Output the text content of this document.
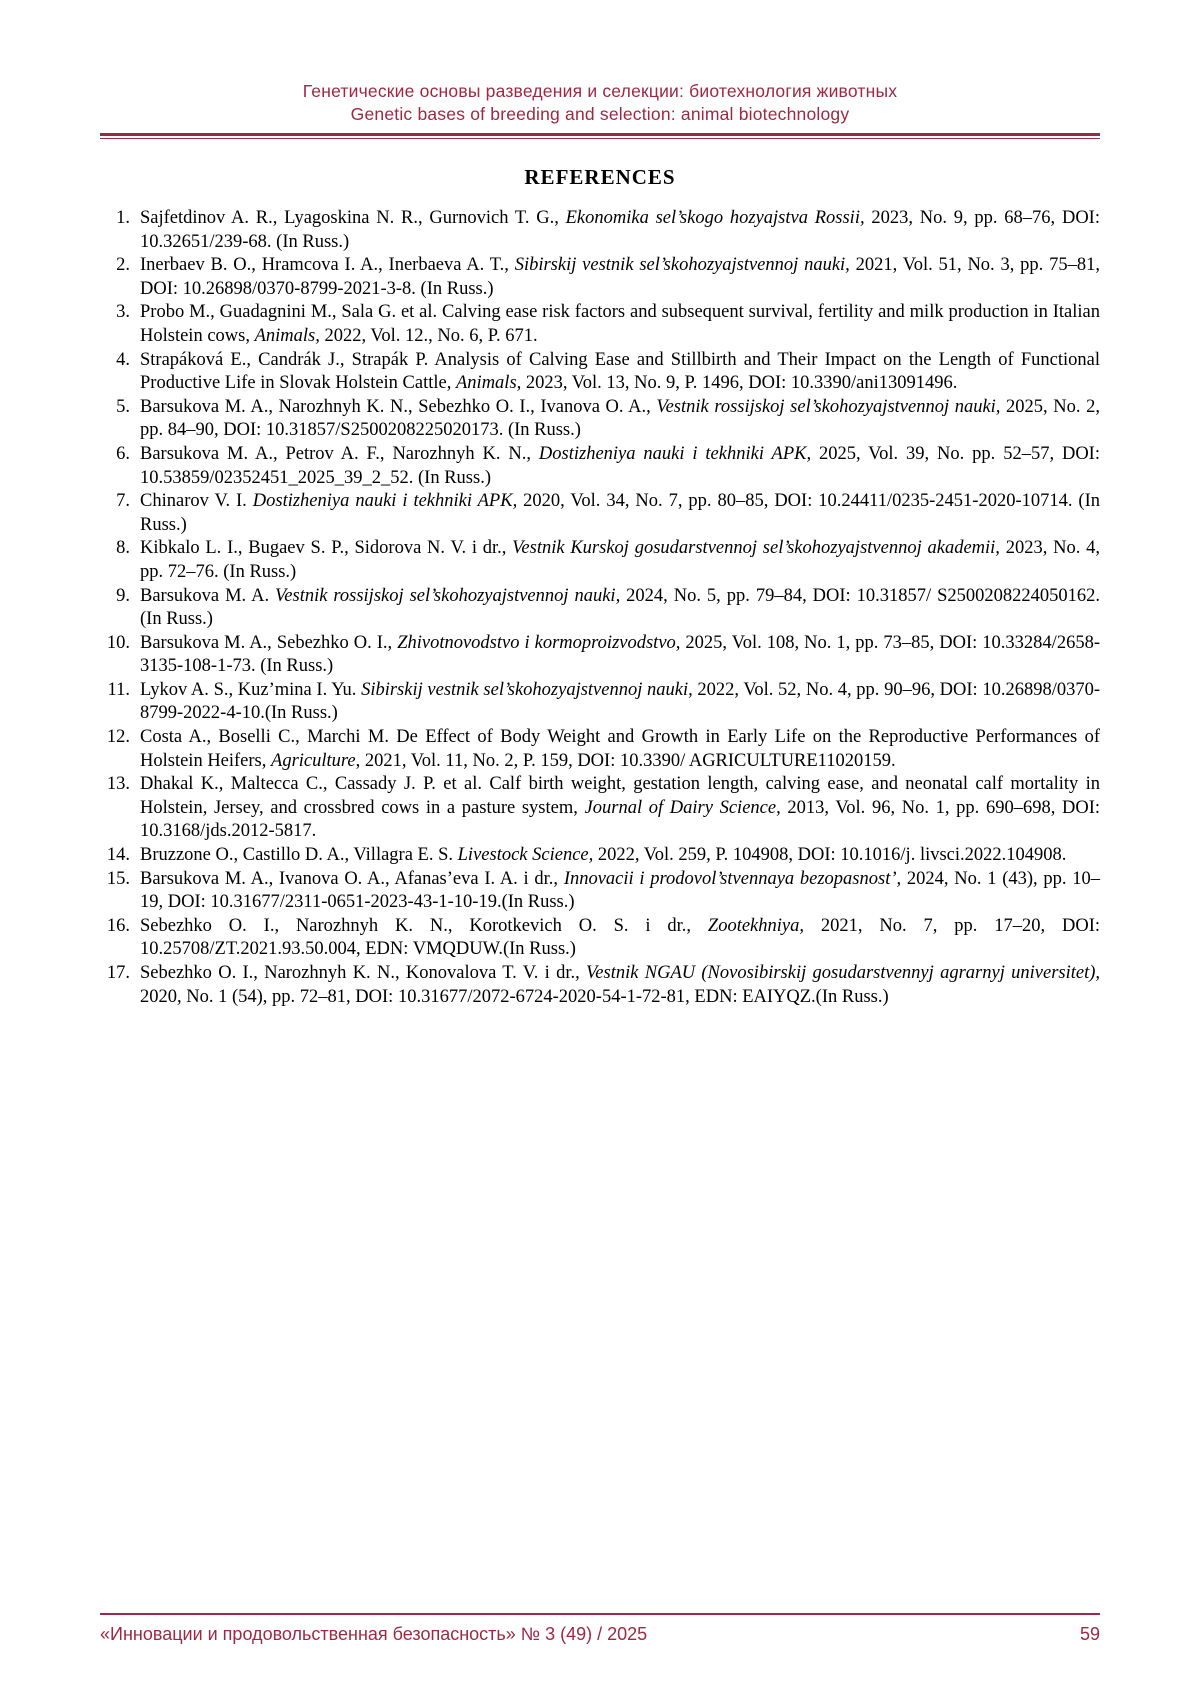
Генетические основы разведения и селекции: биотехнология животных
Genetic bases of breeding and selection: animal biotechnology
REFERENCES
1. Sajfetdinov A. R., Lyagoskina N. R., Gurnovich T. G., Ekonomika sel’skogo hozyajstva Rossii, 2023, No. 9, pp. 68–76, DOI: 10.32651/239-68. (In Russ.)
2. Inerbaev B. O., Hramcova I. A., Inerbaeva A. T., Sibirskij vestnik sel’skohozyajstvennoj nauki, 2021, Vol. 51, No. 3, pp. 75–81, DOI: 10.26898/0370-8799-2021-3-8. (In Russ.)
3. Probo M., Guadagnini M., Sala G. et al. Calving ease risk factors and subsequent survival, fertility and milk production in Italian Holstein cows, Animals, 2022, Vol. 12., No. 6, P. 671.
4. Strapáková E., Candrák J., Strapák P. Analysis of Calving Ease and Stillbirth and Their Impact on the Length of Functional Productive Life in Slovak Holstein Cattle, Animals, 2023, Vol. 13, No. 9, P. 1496, DOI: 10.3390/ani13091496.
5. Barsukova M. A., Narozhnyh K. N., Sebezhko O. I., Ivanova O. A., Vestnik rossijskoj sel’skohozyajstvennoj nauki, 2025, No. 2, pp. 84–90, DOI: 10.31857/S2500208225020173. (In Russ.)
6. Barsukova M. A., Petrov A. F., Narozhnyh K. N., Dostizheniya nauki i tekhniki APK, 2025, Vol. 39, No. pp. 52–57, DOI: 10.53859/02352451_2025_39_2_52. (In Russ.)
7. Chinarov V. I. Dostizheniya nauki i tekhniki APK, 2020, Vol. 34, No. 7, pp. 80–85, DOI: 10.24411/0235-2451-2020-10714. (In Russ.)
8. Kibkalo L. I., Bugaev S. P., Sidorova N. V. i dr., Vestnik Kurskoj gosudarstvennoj sel’skohozyajstvennoj akademii, 2023, No. 4, pp. 72–76. (In Russ.)
9. Barsukova M. A. Vestnik rossijskoj sel’skohozyajstvennoj nauki, 2024, No. 5, pp. 79–84, DOI: 10.31857/ S2500208224050162. (In Russ.)
10. Barsukova M. A., Sebezhko O. I., Zhivotnovodstvo i kormoproizvodstvo, 2025, Vol. 108, No. 1, pp. 73–85, DOI: 10.33284/2658-3135-108-1-73. (In Russ.)
11. Lykov A. S., Kuz’mina I. Yu. Sibirskij vestnik sel’skohozyajstvennoj nauki, 2022, Vol. 52, No. 4, pp. 90–96, DOI: 10.26898/0370-8799-2022-4-10.(In Russ.)
12. Costa A., Boselli C., Marchi M. De Effect of Body Weight and Growth in Early Life on the Reproductive Performances of Holstein Heifers, Agriculture, 2021, Vol. 11, No. 2, P. 159, DOI: 10.3390/ AGRICULTURE11020159.
13. Dhakal K., Maltecca C., Cassady J. P. et al. Calf birth weight, gestation length, calving ease, and neonatal calf mortality in Holstein, Jersey, and crossbred cows in a pasture system, Journal of Dairy Science, 2013, Vol. 96, No. 1, pp. 690–698, DOI: 10.3168/jds.2012-5817.
14. Bruzzone O., Castillo D. A., Villagra E. S. Livestock Science, 2022, Vol. 259, P. 104908, DOI: 10.1016/j. livsci.2022.104908.
15. Barsukova M. A., Ivanova O. A., Afanas’eva I. A. i dr., Innovacii i prodovol’stvennaya bezopasnost’, 2024, No. 1 (43), pp. 10–19, DOI: 10.31677/2311-0651-2023-43-1-10-19.(In Russ.)
16. Sebezhko O. I., Narozhnyh K. N., Korotkevich O. S. i dr., Zootekhniya, 2021, No. 7, pp. 17–20, DOI: 10.25708/ZT.2021.93.50.004, EDN: VMQDUW.(In Russ.)
17. Sebezhko O. I., Narozhnyh K. N., Konovalova T. V. i dr., Vestnik NGAU (Novosibirskij gosudarstvennyj agrarnyj universitet), 2020, No. 1 (54), pp. 72–81, DOI: 10.31677/2072-6724-2020-54-1-72-81, EDN: EAIYQZ.(In Russ.)
«Инновации и продовольственная безопасность» № 3 (49) / 2025	59
